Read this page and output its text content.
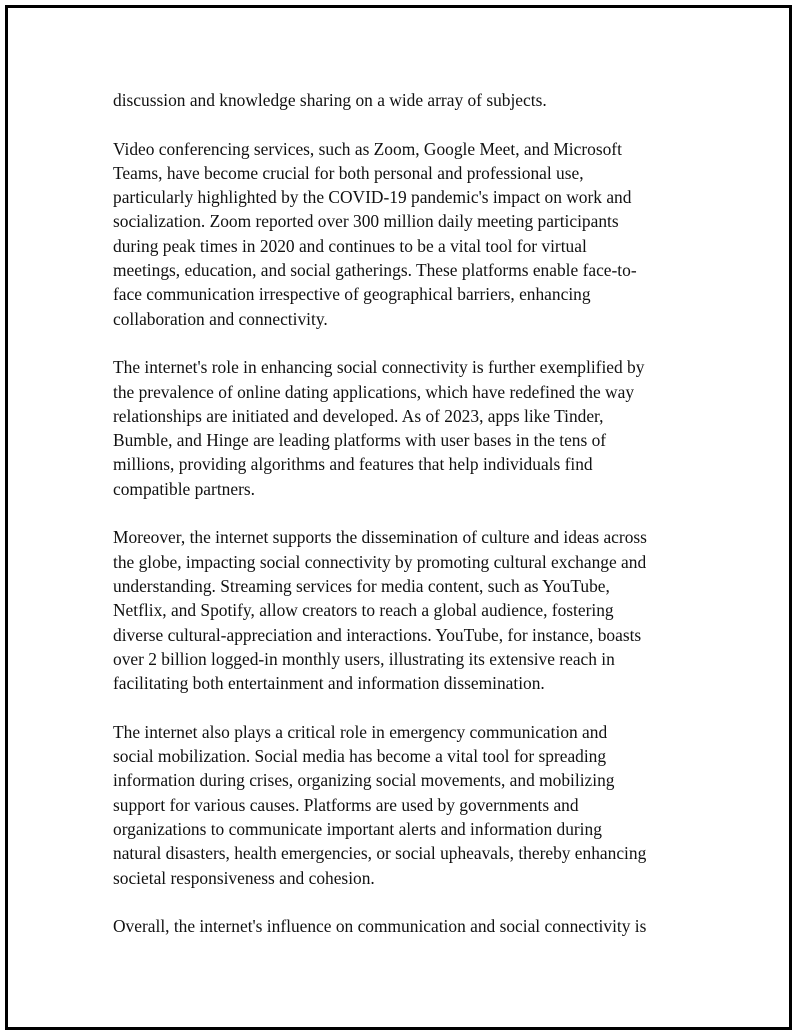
discussion and knowledge sharing on a wide array of subjects.

Video conferencing services, such as Zoom, Google Meet, and Microsoft
Teams, have become crucial for both personal and professional use,
particularly highlighted by the COVID-19 pandemic's impact on work and
socialization. Zoom reported over 300 million daily meeting participants
during peak times in 2020 and continues to be a vital tool for virtual
meetings, education, and social gatherings. These platforms enable face-to-
face communication irrespective of geographical barriers, enhancing
collaboration and connectivity.

The internet's role in enhancing social connectivity is further exemplified by
the prevalence of online dating applications, which have redefined the way
relationships are initiated and developed. As of 2023, apps like Tinder,
Bumble, and Hinge are leading platforms with user bases in the tens of
millions, providing algorithms and features that help individuals find
compatible partners.

Moreover, the internet supports the dissemination of culture and ideas across
the globe, impacting social connectivity by promoting cultural exchange and
understanding. Streaming services for media content, such as YouTube,
Netflix, and Spotify, allow creators to reach a global audience, fostering
diverse cultural-appreciation and interactions. YouTube, for instance, boasts
over 2 billion logged-in monthly users, illustrating its extensive reach in
facilitating both entertainment and information dissemination.

The internet also plays a critical role in emergency communication and
social mobilization. Social media has become a vital tool for spreading
information during crises, organizing social movements, and mobilizing
support for various causes. Platforms are used by governments and
organizations to communicate important alerts and information during
natural disasters, health emergencies, or social upheavals, thereby enhancing
societal responsiveness and cohesion.

Overall, the internet's influence on communication and social connectivity is
